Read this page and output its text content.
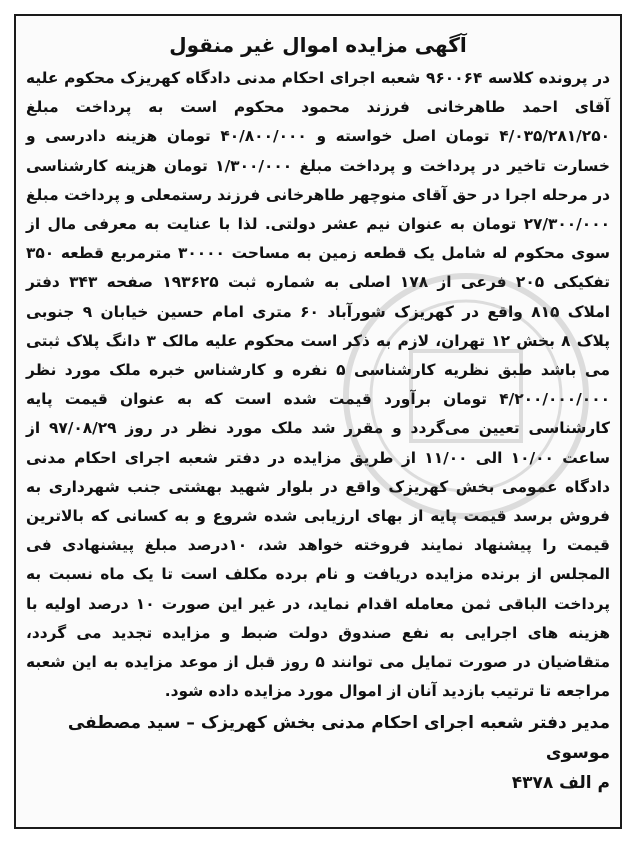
آگهی مزایده اموال غیر منقول

در پرونده کلاسه ۹۶۰۰۶۴ شعبه اجرای احکام مدنی دادگاه کهریزک محکوم علیه آقای احمد طاهرخانی فرزند محمود محکوم است به پرداخت مبلغ ۴/۰۳۵/۲۸۱/۲۵۰ تومان اصل خواسته و ۴۰/۸۰۰/۰۰۰ تومان هزینه دادرسی و خسارت تاخیر در پرداخت و پرداخت مبلغ ۱/۳۰۰/۰۰۰ تومان هزینه کارشناسی در مرحله اجرا در حق آقای منوچهر طاهرخانی فرزند رستمعلی و پرداخت مبلغ ۲۷/۳۰۰/۰۰۰ تومان به عنوان نیم عشر دولتی. لذا با عنایت به معرفی مال از سوی محکوم له شامل یک قطعه زمین به مساحت ۳۰۰۰۰ مترمربع قطعه ۳۵۰ تفکیکی ۲۰۵ فرعی از ۱۷۸ اصلی به شماره ثبت ۱۹۳۶۲۵ صفحه ۳۴۳ دفتر املاک ۸۱۵ واقع در کهریزک شورآباد ۶۰ متری امام حسین خیابان ۹ جنوبی پلاک ۸ بخش ۱۲ تهران، لازم به ذکر است محکوم علیه مالک ۳ دانگ پلاک ثبتی می باشد طبق نظریه کارشناسی ۵ نفره و کارشناس خبره ملک مورد نظر ۴/۲۰۰/۰۰۰/۰۰۰ تومان برآورد قیمت شده است که به عنوان قیمت پایه کارشناسی تعیین می‌گردد و مقرر شد ملک مورد نظر در روز ۹۷/۰۸/۲۹ از ساعت ۱۰/۰۰ الی ۱۱/۰۰ از طریق مزایده در دفتر شعبه اجرای احکام مدنی دادگاه عمومی بخش کهریزک واقع در بلوار شهید بهشتی جنب شهرداری به فروش برسد قیمت پایه از بهای ارزیابی شده شروع و به کسانی که بالاترین قیمت را پیشنهاد نمایند فروخته خواهد شد، ۱۰درصد مبلغ پیشنهادی فی المجلس از برنده مزایده دریافت و نام برده مکلف است تا یک ماه نسبت به پرداخت الباقی ثمن معامله اقدام نماید، در غیر این صورت ۱۰ درصد اولیه با هزینه های اجرایی به نفع صندوق دولت ضبط و مزایده تجدید می گردد، متقاضیان در صورت تمایل می توانند ۵ روز قبل از موعد مزایده به این شعبه مراجعه تا ترتیب بازدید آنان از اموال مورد مزایده داده شود.

مدیر دفتر شعبه اجرای احکام مدنی بخش کهریزک – سید مصطفی موسوی

م الف ۴۳۷۸
